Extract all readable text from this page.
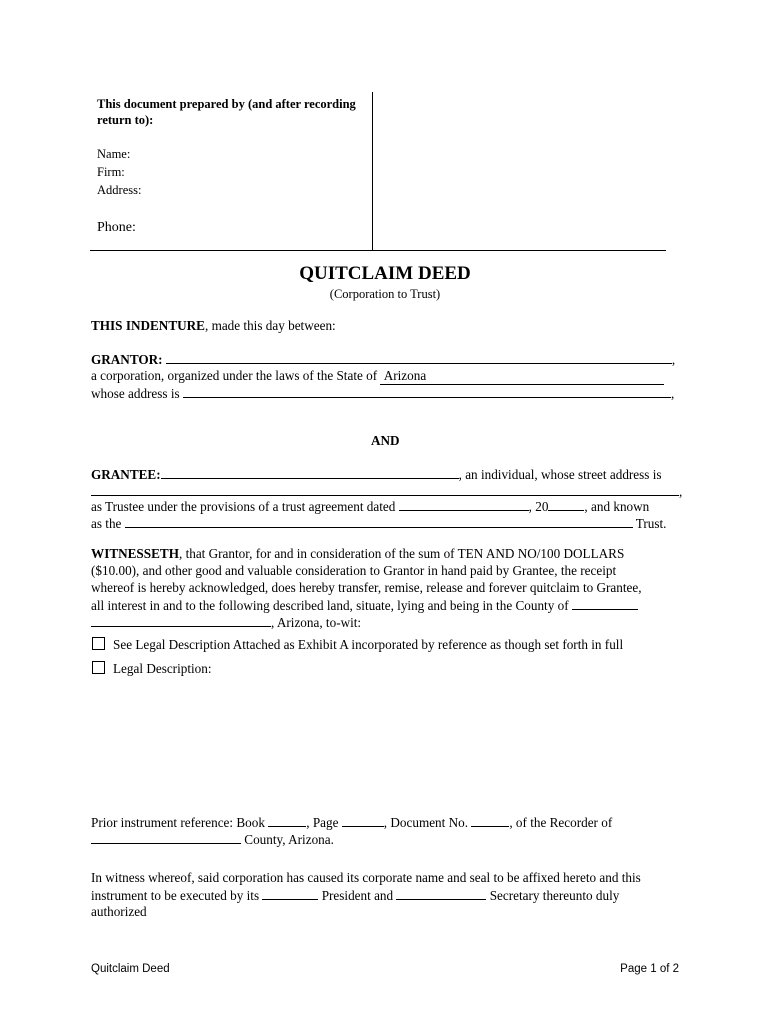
This document prepared by (and after recording
return to):
Name:
Firm:
Address:
Phone:
QUITCLAIM DEED
(Corporation to Trust)
THIS INDENTURE, made this day between:
GRANTOR:	,
a corporation, organized under the laws of the State of  Arizona
whose address is	,
AND
GRANTEE:	, an individual, whose street address is
,
as Trustee under the provisions of a trust agreement dated	, 20	, and known
as the	Trust.
WITNESSETH, that Grantor, for and in consideration of the sum of TEN AND NO/100 DOLLARS
($10.00), and other good and valuable consideration to Grantor in hand paid by Grantee, the receipt
whereof is hereby acknowledged, does hereby transfer, remise, release and forever quitclaim to Grantee,
all interest in and to the following described land, situate, lying and being in the County of
, Arizona, to-wit:
See Legal Description Attached as Exhibit A incorporated by reference as though set forth in full
Legal Description:
Prior instrument reference: Book	, Page	, Document No.	, of the Recorder of
County, Arizona.
In witness whereof, said corporation has caused its corporate name and seal to be affixed hereto and this
instrument to be executed by its	President and	Secretary thereunto duly
authorized
Quitclaim Deed	Page 1 of 2
